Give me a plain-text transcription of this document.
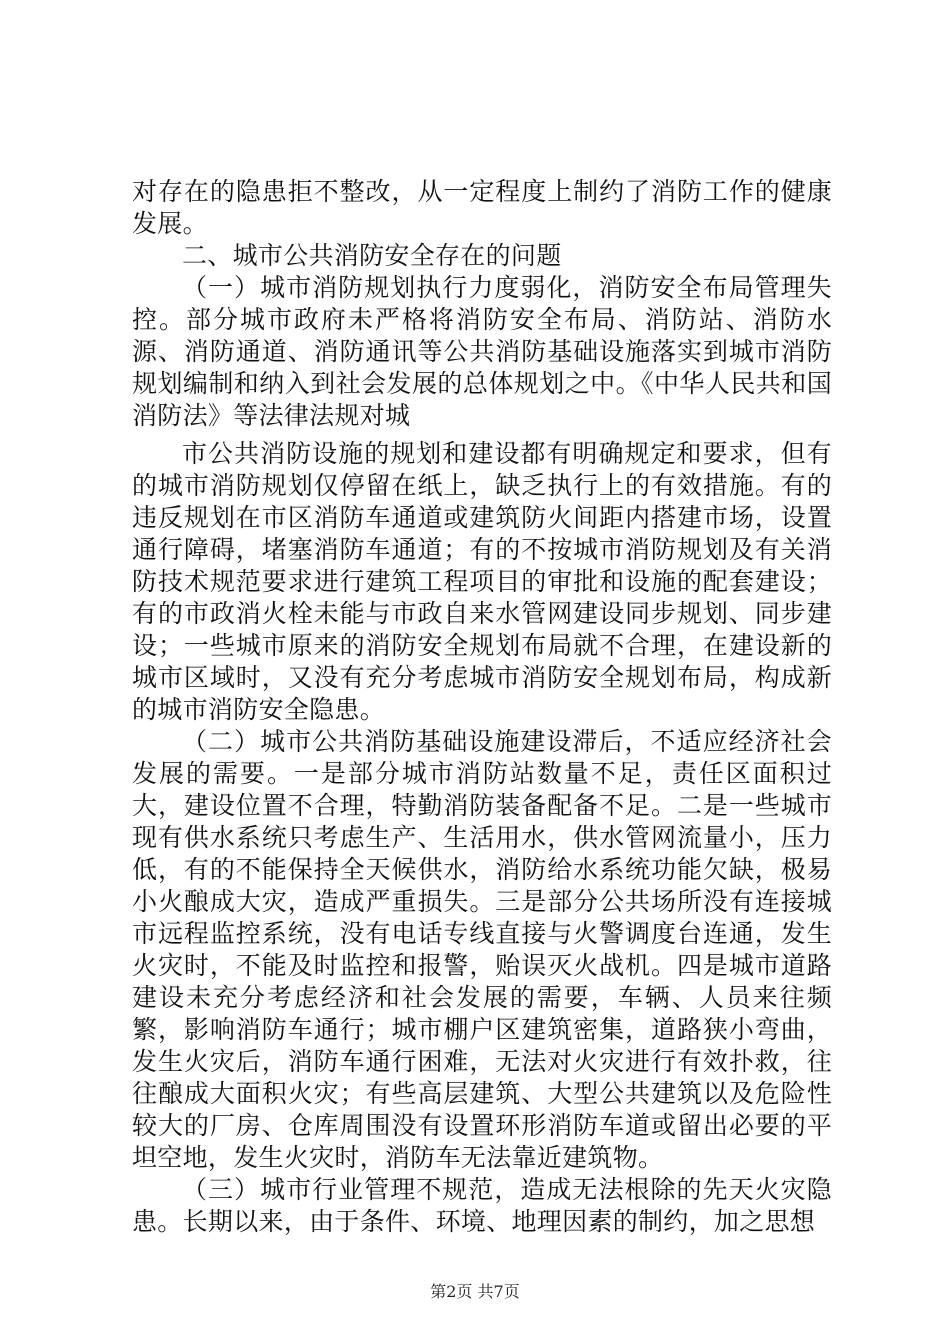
对存在的隐患拒不整改，从一定程度上制约了消防工作的健康发展。

二、城市公共消防安全存在的问题

（一）城市消防规划执行力度弱化，消防安全布局管理失控。部分城市政府未严格将消防安全布局、消防站、消防水源、消防通道、消防通讯等公共消防基础设施落实到城市消防规划编制和纳入到社会发展的总体规划之中。《中华人民共和国消防法》等法律法规对城

市公共消防设施的规划和建设都有明确规定和要求，但有的城市消防规划仅停留在纸上，缺乏执行上的有效措施。有的违反规划在市区消防车通道或建筑防火间距内搭建市场，设置通行障碍，堵塞消防车通道；有的不按城市消防规划及有关消防技术规范要求进行建筑工程项目的审批和设施的配套建设；有的市政消火栓未能与市政自来水管网建设同步规划、同步建设；一些城市原来的消防安全规划布局就不合理，在建设新的城市区域时，又没有充分考虑城市消防安全规划布局，构成新的城市消防安全隐患。

（二）城市公共消防基础设施建设滞后，不适应经济社会发展的需要。一是部分城市消防站数量不足，责任区面积过大，建设位置不合理，特勤消防装备配备不足。二是一些城市现有供水系统只考虑生产、生活用水，供水管网流量小，压力低，有的不能保持全天候供水，消防给水系统功能欠缺，极易小火酿成大灾，造成严重损失。三是部分公共场所没有连接城市远程监控系统，没有电话专线直接与火警调度台连通，发生火灾时，不能及时监控和报警，贻误灭火战机。四是城市道路建设未充分考虑经济和社会发展的需要，车辆、人员来往频繁，影响消防车通行；城市棚户区建筑密集，道路狭小弯曲，发生火灾后，消防车通行困难，无法对火灾进行有效扑救，往往酿成大面积火灾；有些高层建筑、大型公共建筑以及危险性较大的厂房、仓库周围没有设置环形消防车道或留出必要的平坦空地，发生火灾时，消防车无法靠近建筑物。

（三）城市行业管理不规范，造成无法根除的先天火灾隐患。长期以来，由于条件、环境、地理因素的制约，加之思想

第2页 共7页
